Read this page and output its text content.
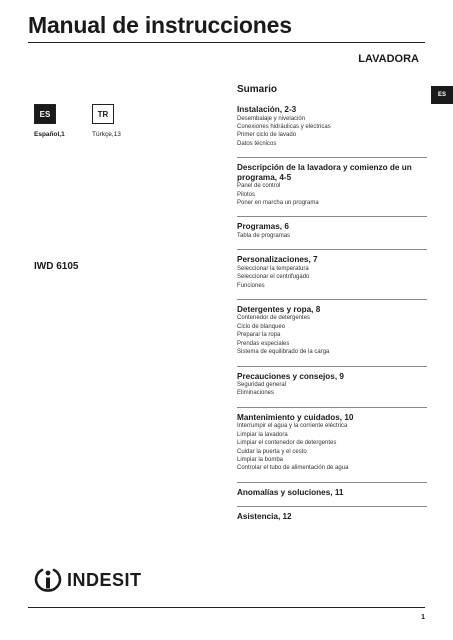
Manual de instrucciones
LAVADORA
ES
ES
Español,1
TR
Türkçe,13
IWD 6105
Sumario
Instalación, 2-3
Desembalaje y nivelación
Conexiones hidráulicas y eléctricas
Primer ciclo de lavado
Datos técnicos
Descripción de la lavadora y comienzo de un programa, 4-5
Panel de control
Pilotos
Poner en marcha un programa
Programas, 6
Tabla de programas
Personalizaciones, 7
Seleccionar la temperatura
Seleccionar el centrifugado
Funciones
Detergentes y ropa, 8
Contenedor de detergentes
Ciclo de blanqueo
Preparar la ropa
Prendas especiales
Sistema de equilibrado de la carga
Precauciones y consejos, 9
Seguridad general
Eliminaciones
Mantenimiento y cuidados, 10
Interrumpir el agua y la corriente eléctrica
Limpiar la lavadora
Limpiar el contenedor de detergentes
Cuidar la puerta y el cesto
Limpiar la bomba
Controlar el tubo de alimentación de agua
Anomalías y soluciones, 11
Asistencia, 12
INDESIT
1
